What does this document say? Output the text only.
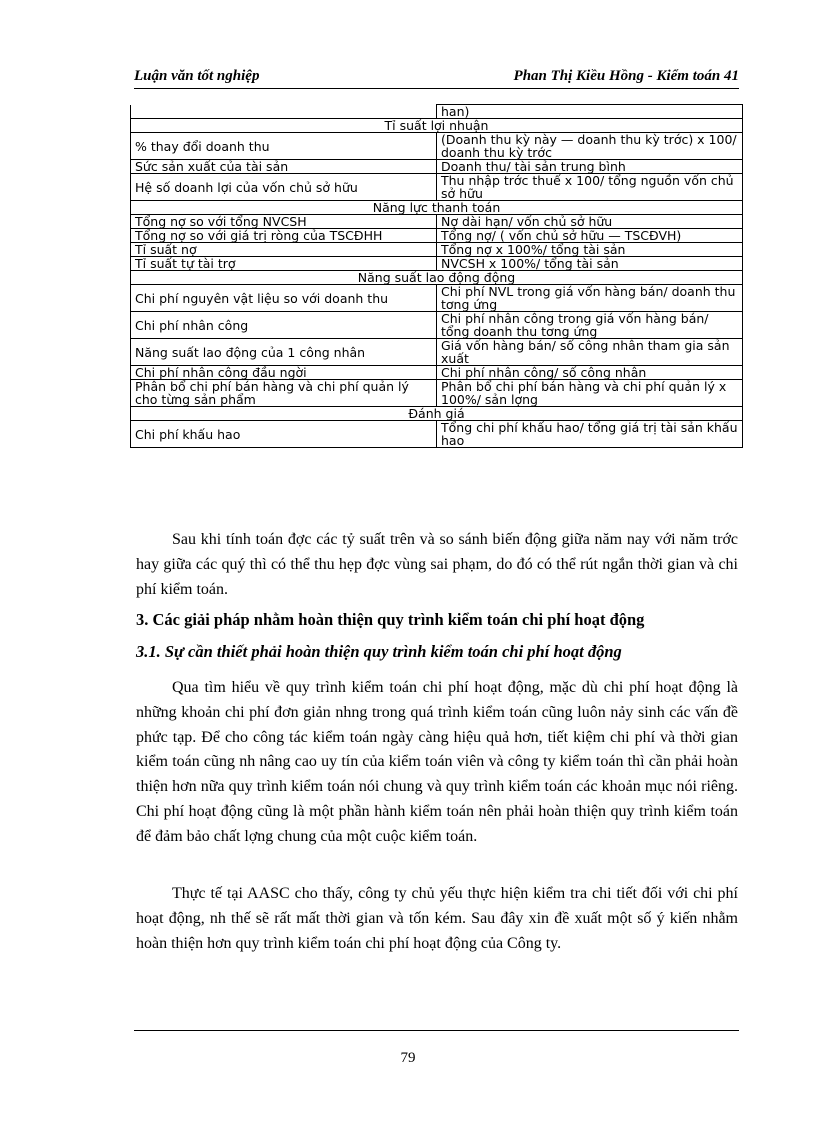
Luận văn tốt nghiệp	Phan Thị Kiều Hồng - Kiểm toán 41
	han)
Tỉ suất lợi nhuận	
% thay đổi doanh thu	(Doanh thu kỳ này — doanh thu kỳ trớc) x 100/ doanh thu kỳ trớc
Sức sản xuất của tài sản	Doanh thu/ tài sản trung bình
Hệ số doanh lợi của vốn chủ sở hữu	Thu nhập trớc thuế x 100/ tổng nguồn vốn chủ sở hữu
Năng lực thanh toán	
Tổng nợ so với tổng NVCSH	Nợ dài hạn/ vốn chủ sở hữu
Tổng nợ so với giá trị ròng của TSCĐHH	Tổng nợ/ ( vốn chủ sở hữu — TSCĐVH)
Tỉ suất nợ	Tổng nợ x 100%/ tổng tài sản
Tỉ suất tự tài trợ	NVCSH x 100%/ tổng tài sản
Năng suất lao động động	
Chi phí nguyên vật liệu so với doanh thu	Chi phí NVL trong giá vốn hàng bán/ doanh thu tơng ứng
Chi phí nhân công	Chi phí nhân công trong giá vốn hàng bán/ tổng doanh thu tơng ứng
Năng suất lao động của 1 công nhân	Giá vốn hàng bán/ số công nhân tham gia sản xuất
Chi phí nhân công đầu ngời	Chi phí nhân công/ số công nhân
Phân bổ chi phí bán hàng và chi phí quản lý cho từng sản phẩm	Phân bổ chi phí bán hàng và chi phí quản lý x 100%/ sản lợng
Đánh giá	
Chi phí khấu hao	Tổng chi phí khấu hao/ tổng giá trị tài sản khấu hao

Sau khi tính toán đợc các tỷ suất trên và so sánh biến động giữa năm nay với năm trớc hay giữa các quý thì có thể thu hẹp đợc vùng sai phạm, do đó có thể rút ngắn thời gian và chi phí kiểm toán.

3. Các giải pháp nhằm hoàn thiện quy trình kiểm toán chi phí hoạt động
3.1. Sự cần thiết phải hoàn thiện quy trình kiểm toán chi phí hoạt động

Qua tìm hiểu về quy trình kiểm toán chi phí hoạt động, mặc dù chi phí hoạt động là những khoản chi phí đơn giản nhng trong quá trình kiểm toán cũng luôn nảy sinh các vấn đề phức tạp. Để cho công tác kiểm toán ngày càng hiệu quả hơn, tiết kiệm chi phí và thời gian kiểm toán cũng nh nâng cao uy tín của kiểm toán viên và công ty kiểm toán thì cần phải hoàn thiện hơn nữa quy trình kiểm toán nói chung và quy trình kiểm toán các khoản mục nói riêng. Chi phí hoạt động cũng là một phần hành kiểm toán nên phải hoàn thiện quy trình kiểm toán để đảm bảo chất lợng chung của một cuộc kiểm toán.

Thực tế tại AASC cho thấy, công ty chủ yếu thực hiện kiểm tra chi tiết đối với chi phí hoạt động, nh thế sẽ rất mất thời gian và tốn kém. Sau đây xin đề xuất một số ý kiến nhằm hoàn thiện hơn quy trình kiểm toán chi phí hoạt động của Công ty.

79
